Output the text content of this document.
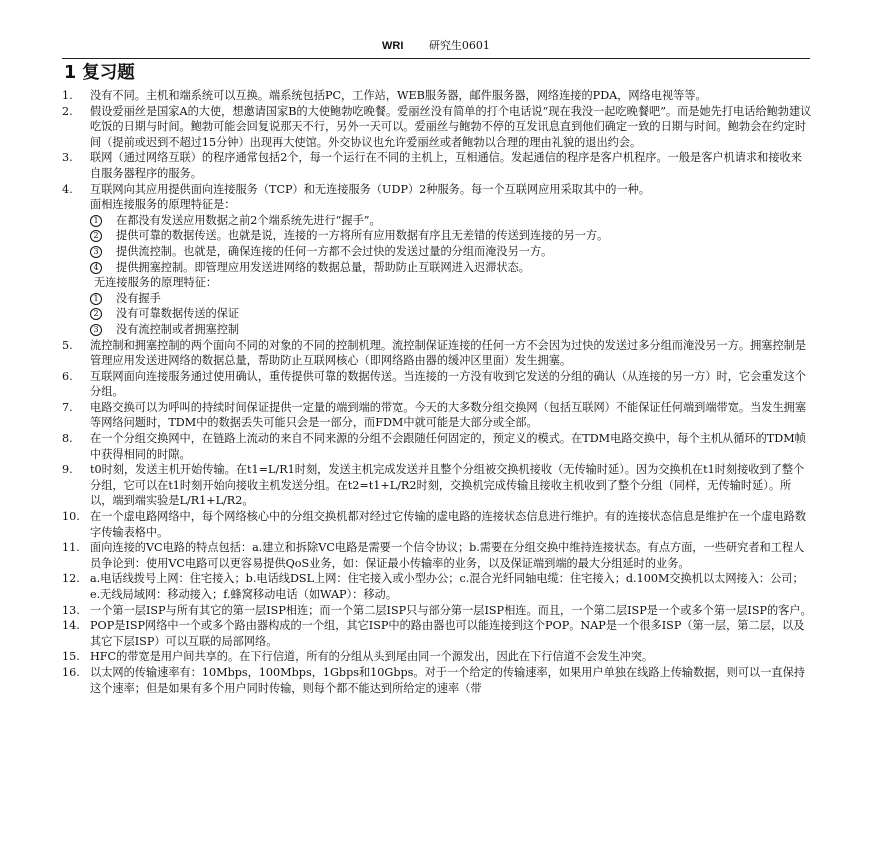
WRI 研究生0601
1 复习题
1.	没有不同。主机和端系统可以互换。端系统包括PC，工作站，WEB服务器，邮件服务器，网络连接的PDA，网络电视等等。
2.	假设爱丽丝是国家A的大使，想邀请国家B的大使鲍勃吃晚餐。爱丽丝没有简单的打个电话说“现在我没一起吃晚餐吧”。而是她先打电话给鲍勃建议吃饭的日期与时间。鲍勃可能会回复说那天不行，另外一天可以。爱丽丝与鲍勃不停的互发讯息直到他们确定一致的日期与时间。鲍勃会在约定时间（提前或迟到不超过15分钟）出现再大使馆。外交协议也允许爱丽丝或者鲍勃以合理的理由礼貌的退出约会。
3.	联网（通过网络互联）的程序通常包括2个，每一个运行在不同的主机上，互相通信。发起通信的程序是客户机程序。一般是客户机请求和接收来自服务器程序的服务。
4.	互联网向其应用提供面向连接服务（TCP）和无连接服务（UDP）2种服务。每一个互联网应用采取其中的一种。
面相连接服务的原理特征是：
1	在都没有发送应用数据之前2个端系统先进行“握手”。
2	提供可靠的数据传送。也就是说，连接的一方将所有应用数据有序且无差错的传送到连接的另一方。
3	提供流控制。也就是，确保连接的任何一方都不会过快的发送过量的分组而淹没另一方。
4	提供拥塞控制。即管理应用发送进网络的数据总量，帮助防止互联网进入迟滞状态。
无连接服务的原理特征：
1	没有握手
2	没有可靠数据传送的保证
3	没有流控制或者拥塞控制
5.	流控制和拥塞控制的两个面向不同的对象的不同的控制机理。流控制保证连接的任何一方不会因为过快的发送过多分组而淹没另一方。拥塞控制是管理应用发送进网络的数据总量，帮助防止互联网核心（即网络路由器的缓冲区里面）发生拥塞。
6.	互联网面向连接服务通过使用确认，重传提供可靠的数据传送。当连接的一方没有收到它发送的分组的确认（从连接的另一方）时，它会重发这个分组。
7.	电路交换可以为呼叫的持续时间保证提供一定量的端到端的带宽。今天的大多数分组交换网（包括互联网）不能保证任何端到端带宽。当发生拥塞等网络问题时，TDM中的数据丢失可能只会是一部分，而FDM中就可能是大部分或全部。
8.	在一个分组交换网中，在链路上流动的来自不同来源的分组不会跟随任何固定的，预定义的模式。在TDM电路交换中，每个主机从循环的TDM帧中获得相同的时隙。
9.	t0时刻，发送主机开始传输。在t1=L/R1时刻，发送主机完成发送并且整个分组被交换机接收（无传输时延）。因为交换机在t1时刻接收到了整个分组，它可以在t1时刻开始向接收主机发送分组。在t2=t1+L/R2时刻，交换机完成传输且接收主机收到了整个分组（同样，无传输时延）。所以，端到端实验是L/R1+L/R2。
10. 在一个虚电路网络中，每个网络核心中的分组交换机都对经过它传输的虚电路的连接状态信息进行维护。有的连接状态信息是维护在一个虚电路数字传输表格中。
11. 面向连接的VC电路的特点包括：a.建立和拆除VC电路是需要一个信令协议；b.需要在分组交换中维持连接状态。有点方面，一些研究者和工程人员争论到：使用VC电路可以更容易提供QoS业务，如：保证最小传输率的业务，以及保证端到端的最大分组延时的业务。
12. a.电话线拨号上网：住宅接入；b.电话线DSL上网：住宅接入或小型办公；c.混合光纤同轴电缆：住宅接入；d.100M交换机以太网接入：公司；e.无线局域网：移动接入；f.蜂窝移动电话（如WAP）：移动。
13. 一个第一层ISP与所有其它的第一层ISP相连；而一个第二层ISP只与部分第一层ISP相连。而且，一个第二层ISP是一个或多个第一层ISP的客户。
14. POP是ISP网络中一个或多个路由器构成的一个组，其它ISP中的路由器也可以能连接到这个POP。NAP是一个很多ISP（第一层，第二层，以及其它下层ISP）可以互联的局部网络。
15. HFC的带宽是用户间共享的。在下行信道，所有的分组从头到尾由同一个源发出，因此在下行信道不会发生冲突。
16. 以太网的传输速率有：10Mbps，100Mbps，1Gbps和10Gbps。对于一个给定的传输速率，如果用户单独在线路上传输数据，则可以一直保持这个速率；但是如果有多个用户同时传输，则每个都不能达到所给定的速率（带
